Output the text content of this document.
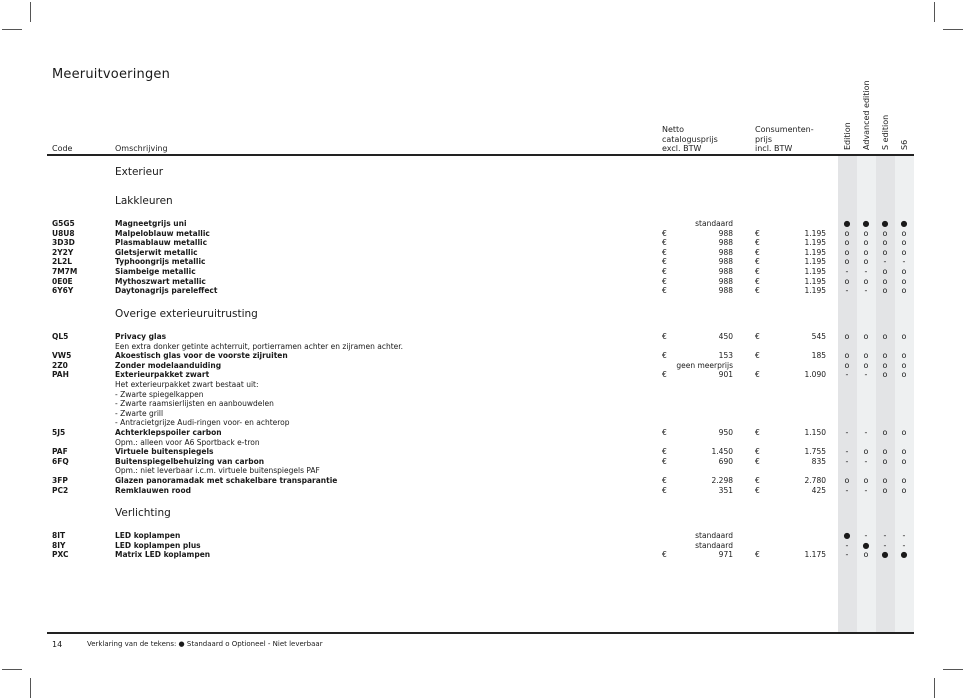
Meeruitvoeringen
Code	Omschrijving
Netto
catalogusprijs
excl. BTW
Consumenten-
prijs
incl. BTW	Edition Advanced edition S edition S6
Exterieur
Lakkleuren
Overige exterieuruitrusting
Verlichting
G5G5	Magneetgrijs uni	standaard	●	●	●	●
U8U8	Malpeloblauw metallic	€	988	€	1.195	o	o	o	o
3D3D	Plasmablauw metallic	€	988	€	1.195	o	o	o	o
2Y2Y	Gletsjerwit metallic	€	988	€	1.195	o	o	o	o
2L2L	Typhoongrijs metallic	€	988	€	1.195	o	o	-	-
7M7M	Siambeige metallic	€	988	€	1.195	-	-	o	o
0E0E	Mythoszwart metallic	€	988	€	1.195	o	o	o	o
6Y6Y	Daytonagrijs pareleffect	€	988	€	1.195	-	-	o	o
QL5	Privacy glas	€	450	€	545	o	o	o	o
Een extra donker getinte achterruit, portierramen achter en zijramen achter.
VW5	Akoestisch glas voor de voorste zijruiten	€	153	€	185	o	o	o	o
2Z0	Zonder modelaanduiding	geen meerprijs	o	o	o	o
PAH	Exterieurpakket zwart	€	901	€	1.090	-	-	o	o
Het exterieurpakket zwart bestaat uit:
- Zwarte spiegelkappen
- Zwarte raamsierlijsten en aanbouwdelen
- Zwarte grill
- Antracietgrijze Audi-ringen voor- en achterop
5J5	Achterklepspoiler carbon	€	950	€	1.150	-	-	o	o
Opm.: alleen voor A6 Sportback e-tron
PAF	Virtuele buitenspiegels	€	1.450	€	1.755	-	o	o	o
6FQ	Buitenspiegelbehuizing van carbon	€	690	€	835	-	-	o	o
Opm.: niet leverbaar i.c.m. virtuele buitenspiegels PAF
3FP	Glazen panoramadak met schakelbare transparantie	€	2.298	€	2.780	o	o	o	o
PC2	Remklauwen rood	€	351	€	425	-	-	o	o
8IT	LED koplampen	standaard	●	-	-	-
8IY	LED koplampen plus	standaard	-	●	-	-
PXC	Matrix LED koplampen	€	971	€	1.175	-	o	●	●
14	Verklaring van de tekens: ● Standaard o Optioneel - Niet leverbaar
